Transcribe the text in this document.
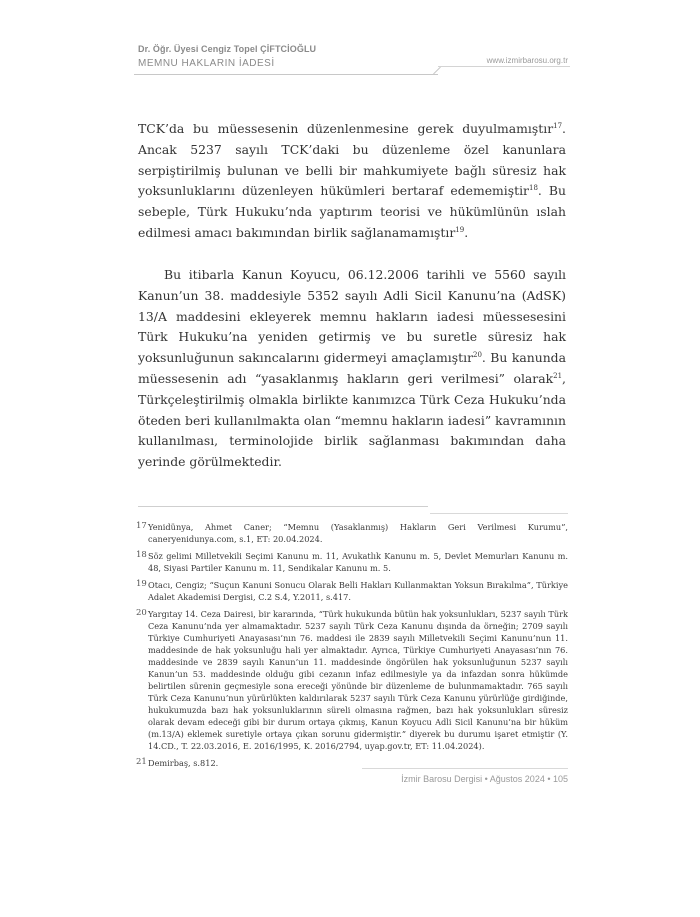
Dr. Öğr. Üyesi Cengiz Topel ÇİFTCİOĞLU
MEMNU HAKLARIN İADESİ	www.izmirbarosu.org.tr
TCK’da bu müessesenin düzenlenmesine gerek duyulmamıştır$^{17}$. Ancak 5237 sayılı TCK’daki bu düzenleme özel kanunlara serpiştirilmiş bulunan ve belli bir mahkumiyete bağlı süresiz hak yoksunluklarını düzenleyen hükümleri bertaraf edememiştir$^{18}$. Bu sebeple, Türk Hukuku’nda yaptırım teorisi ve hükümlünün ıslah edilmesi amacı bakımından birlik sağlanamamıştır$^{19}$.
Bu itibarla Kanun Koyucu, 06.12.2006 tarihli ve 5560 sayılı Kanun’un 38. maddesiyle 5352 sayılı Adli Sicil Kanunu’na (AdSK) 13/A maddesini ekleyerek memnu hakların iadesi müessesesini Türk Hukuku’na yeniden getirmiş ve bu suretle süresiz hak yoksunluğunun sakıncalarını gidermeyi amaçlamıştır$^{20}$. Bu kanunda müessesenin adı “yasaklanmış hakların geri verilmesi” olarak$^{21}$, Türkçeleştirilmiş olmakla birlikte kanımızca Türk Ceza Hukuku’nda öteden beri kullanılmakta olan “memnu hakların iadesi” kavramının kullanılması, terminolojide birlik sağlanması bakımından daha yerinde görülmektedir.
17 Yenidünya, Ahmet Caner; “Memnu (Yasaklanmış) Hakların Geri Verilmesi Kurumu”, caneryenidunya.com, s.1, ET: 20.04.2024.
18 Söz gelimi Milletvekili Seçimi Kanunu m. 11, Avukatlık Kanunu m. 5, Devlet Memurları Kanunu m. 48, Siyasi Partiler Kanunu m. 11, Sendikalar Kanunu m. 5.
19 Otacı, Cengiz; “Suçun Kanuni Sonucu Olarak Belli Hakları Kullanmaktan Yoksun Bırakılma”, Türkiye Adalet Akademisi Dergisi, C.2 S.4, Y.2011, s.417.
20 Yargıtay 14. Ceza Dairesi, bir kararında, “Türk hukukunda bütün hak yoksunlukları, 5237 sayılı Türk Ceza Kanunu’nda yer almamaktadır. 5237 sayılı Türk Ceza Kanunu dışında da örneğin; 2709 sayılı Türkiye Cumhuriyeti Anayasası’nın 76. maddesi ile 2839 sayılı Milletvekili Seçimi Kanunu’nun 11. maddesinde de hak yoksunluğu hali yer almaktadır. Ayrıca, Türkiye Cumhuriyeti Anayasası’nın 76. maddesinde ve 2839 sayılı Kanun’un 11. maddesinde öngörülen hak yoksunluğunun 5237 sayılı Kanun’un 53. maddesinde olduğu gibi cezanın infaz edilmesiyle ya da infazdan sonra hükümde belirtilen sürenin geçmesiyle sona ereceği yönünde bir düzenleme de bulunmamaktadır. 765 sayılı Türk Ceza Kanunu’nun yürürlükten kaldırılarak 5237 sayılı Türk Ceza Kanunu yürürlüğe girdiğinde, hukukumuzda bazı hak yoksunluklarının süreli olmasına rağmen, bazı hak yoksunlukları süresiz olarak devam edeceği gibi bir durum ortaya çıkmış, Kanun Koyucu Adli Sicil Kanunu’na bir hüküm (m.13/A) eklemek suretiyle ortaya çıkan sorunu gidermiştir.” diyerek bu durumu işaret etmiştir (Y. 14.CD., T. 22.03.2016, E. 2016/1995, K. 2016/2794, uyap.gov.tr, ET: 11.04.2024).
21 Demirbaş, s.812.
İzmir Barosu Dergisi • Ağustos 2024 • 105
